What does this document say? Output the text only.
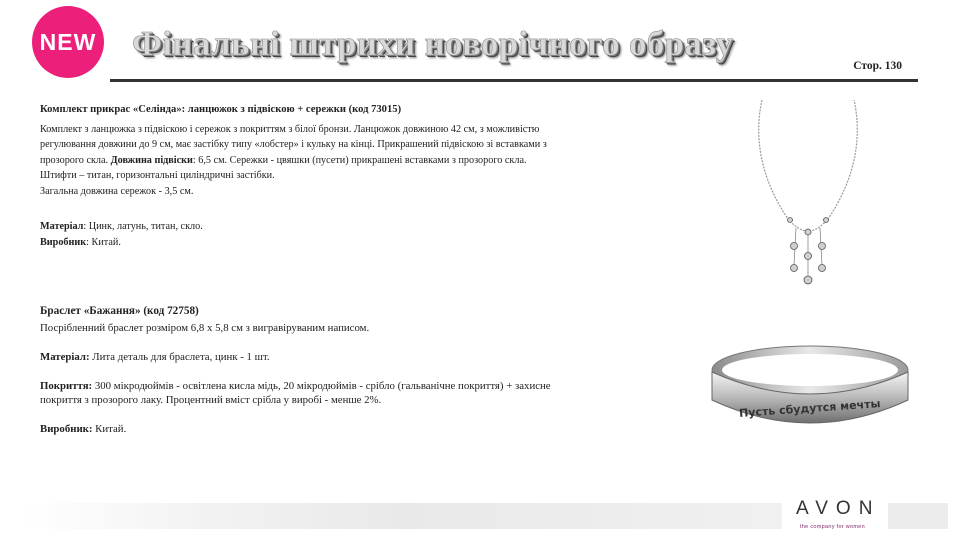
NEW Фінальні штрихи новорічного образу
Стор. 130
Комплект прикрас «Селінда»: ланцюжок з підвіскою + сережки (код 73015)

Комплект з ланцюжка з підвіскою і сережок з покриттям з білої бронзи. Ланцюжок довжиною 42 см, з можливістю

регулювання довжини до 9 см, має застібку типу «лобстер» і кульку на кінці. Прикрашений підвіскою зі вставками з

прозорого скла. Довжина підвіски: 6,5 см. Сережки - цвяшки (пусети) прикрашені вставками з прозорого скла.

Штифти – титан, горизонтальні циліндричні застібки.

Загальна довжина сережок - 3,5 см.

Матеріал: Цинк, латунь, титан, скло.

Виробник: Китай.

Браслет «Бажання» (код 72758)

Посрібленний браслет розміром 6,8 х 5,8 см з вигравіруваним написом.

Матеріал: Лита деталь для браслета, цинк - 1 шт.

Покриття: 300 мікродюймів - освітлена кисла мідь, 20 мікродюймів - срібло (гальванічне покриття) + захисне

покриття з прозорого лаку. Процентний вміст срібла у виробі - менше 2%.

Виробник: Китай.

Пусть сбудутся мечты
AVON
the company for women
